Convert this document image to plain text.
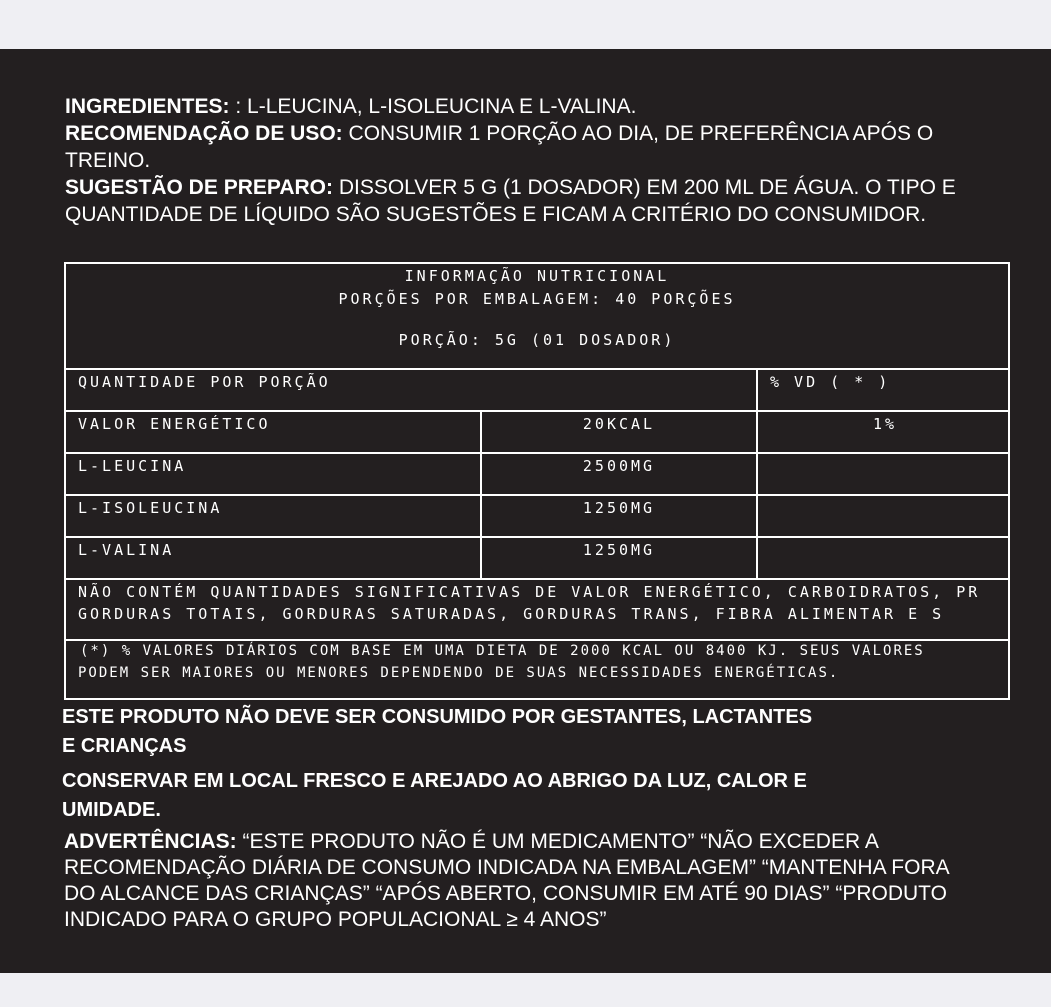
INGREDIENTES: : L-LEUCINA, L-ISOLEUCINA E L-VALINA.

RECOMENDAÇÃO DE USO: CONSUMIR 1 PORÇÃO AO DIA, DE PREFERÊNCIA APÓS O TREINO.

SUGESTÃO DE PREPARO: DISSOLVER 5 G (1 DOSADOR) EM 200 ML DE ÁGUA. O TIPO E QUANTIDADE DE LÍQUIDO SÃO SUGESTÕES E FICAM A CRITÉRIO DO CONSUMIDOR.

INFORMAÇÃO NUTRICIONAL
PORÇÕES POR EMBALAGEM: 40 PORÇÕES
PORÇÃO: 5G (01 DOSADOR)
QUANTIDADE POR PORÇÃO	% VD ( * )
VALOR ENERGÉTICO	20KCAL	1%
L-LEUCINA	2500MG
L-ISOLEUCINA	1250MG
L-VALINA	1250MG
NÃO CONTÉM QUANTIDADES SIGNIFICATIVAS DE VALOR ENERGÉTICO, CARBOIDRATOS, PR
GORDURAS TOTAIS, GORDURAS SATURADAS, GORDURAS TRANS, FIBRA ALIMENTAR E S
(*) % VALORES DIÁRIOS COM BASE EM UMA DIETA DE 2000 KCAL OU 8400 KJ. SEUS VALORES
PODEM SER MAIORES OU MENORES DEPENDENDO DE SUAS NECESSIDADES ENERGÉTICAS.

ESTE PRODUTO NÃO DEVE SER CONSUMIDO POR GESTANTES, LACTANTES E CRIANÇAS

CONSERVAR EM LOCAL FRESCO E AREJADO AO ABRIGO DA LUZ, CALOR E UMIDADE.

ADVERTÊNCIAS: “ESTE PRODUTO NÃO É UM MEDICAMENTO” “NÃO EXCEDER A RECOMENDAÇÃO DIÁRIA DE CONSUMO INDICADA NA EMBALAGEM” “MANTENHA FORA DO ALCANCE DAS CRIANÇAS” “APÓS ABERTO, CONSUMIR EM ATÉ 90 DIAS” “PRODUTO INDICADO PARA O GRUPO POPULACIONAL ≥ 4 ANOS”
